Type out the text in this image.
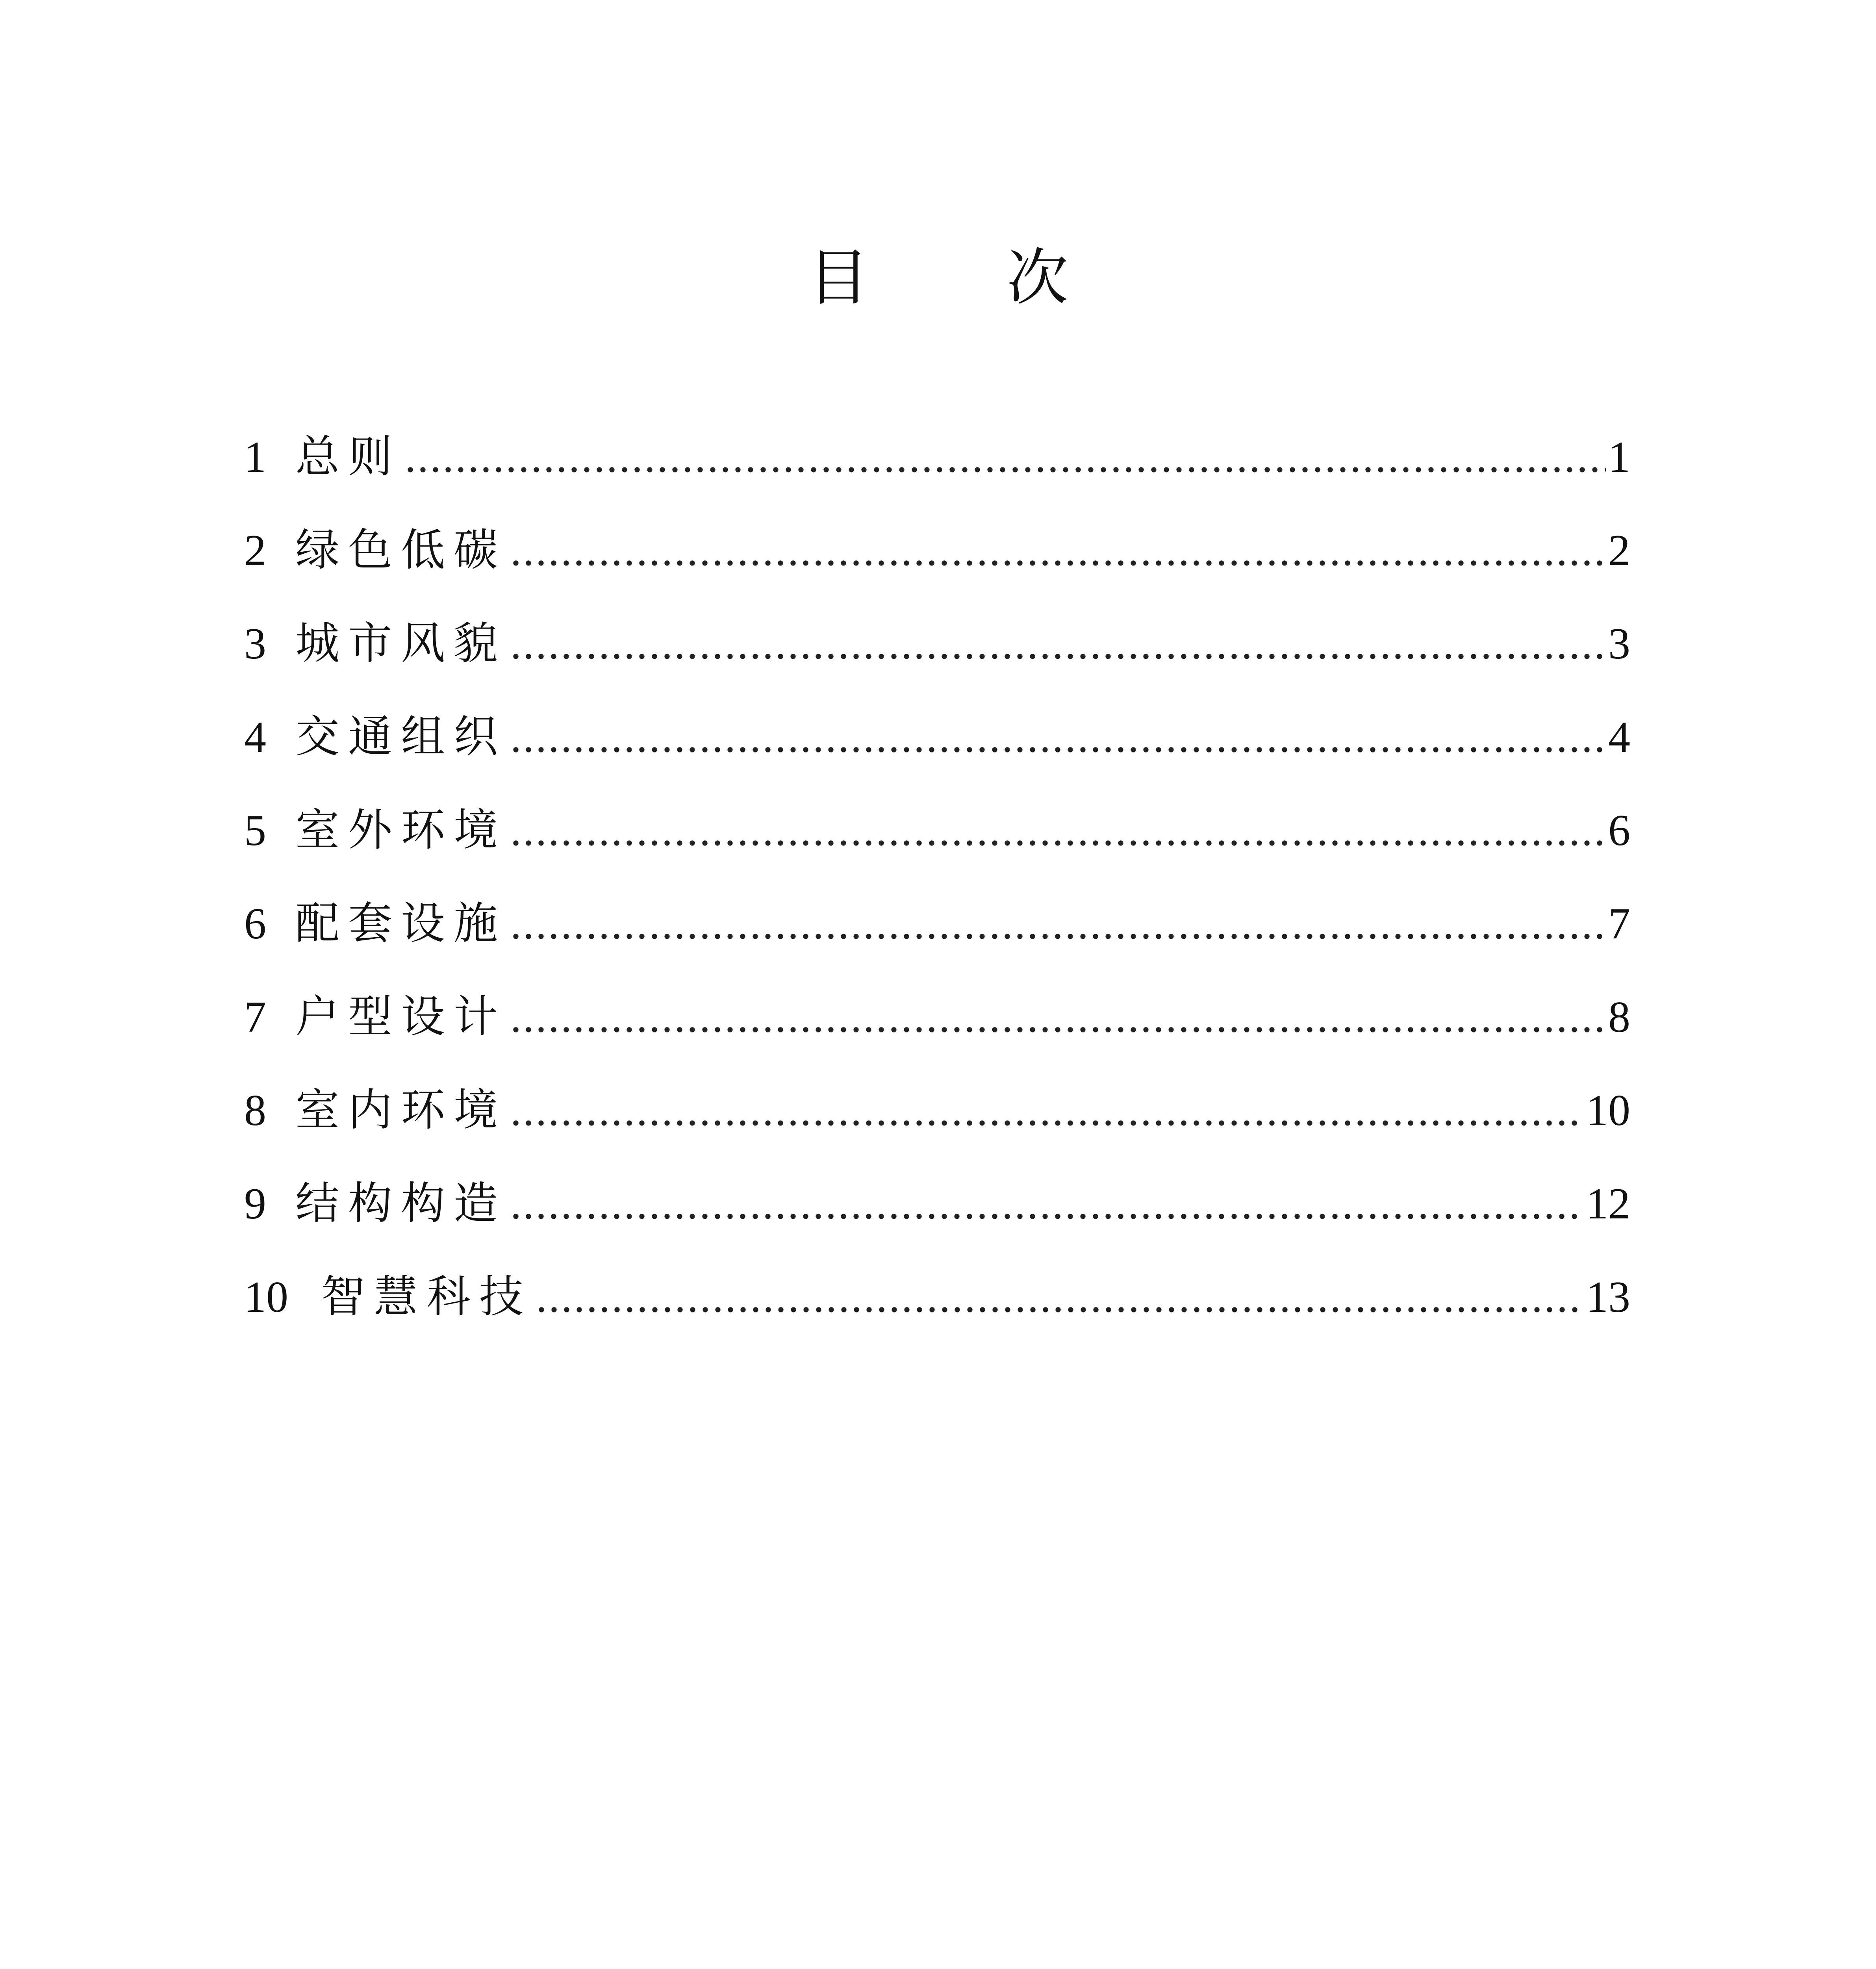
目 次
1 总则 .....	1
2 绿色低碳 .....	2
3 城市风貌 .....	3
4 交通组织 .....	4
5 室外环境 .....	6
6 配套设施 .....	7
7 户型设计 .....	8
8 室内环境 .....	10
9 结构构造 .....	12
10 智慧科技 .....	13
